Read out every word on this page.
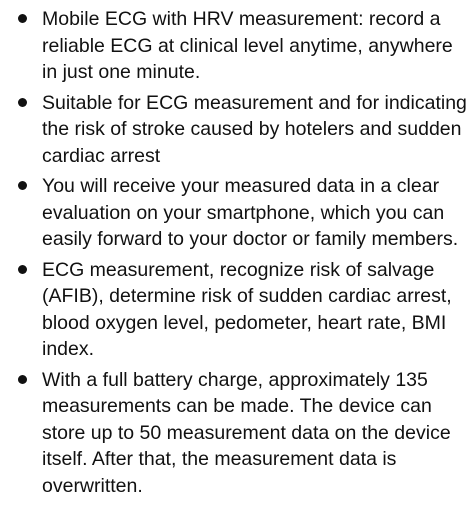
Mobile ECG with HRV measurement: record a reliable ECG at clinical level anytime, anywhere in just one minute.
Suitable for ECG measurement and for indicating the risk of stroke caused by hotelers and sudden cardiac arrest
You will receive your measured data in a clear evaluation on your smartphone, which you can easily forward to your doctor or family members.
ECG measurement, recognize risk of salvage (AFIB), determine risk of sudden cardiac arrest, blood oxygen level, pedometer, heart rate, BMI index.
With a full battery charge, approximately 135 measurements can be made. The device can store up to 50 measurement data on the device itself. After that, the measurement data is overwritten.
